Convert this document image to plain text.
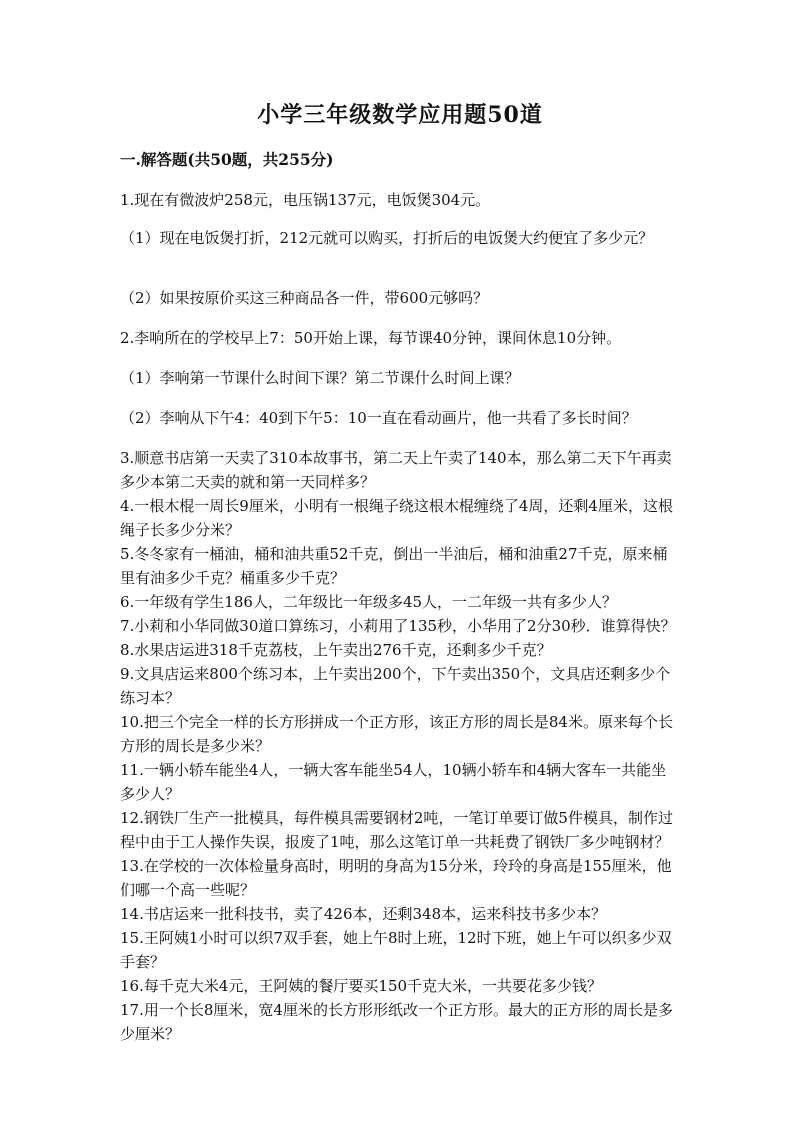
小学三年级数学应用题50道
一.解答题(共50题，共255分)

1.现在有微波炉258元，电压锅137元，电饭煲304元。

（1）现在电饭煲打折，212元就可以购买，打折后的电饭煲大约便宜了多少元？

（2）如果按原价买这三种商品各一件，带600元够吗？

2.李响所在的学校早上7：50开始上课，每节课40分钟，课间休息10分钟。

（1）李响第一节课什么时间下课？第二节课什么时间上课？

（2）李响从下午4：40到下午5：10一直在看动画片，他一共看了多长时间？

3.顺意书店第一天卖了310本故事书，第二天上午卖了140本，那么第二天下午再卖多少本第二天卖的就和第一天同样多？

4.一根木棍一周长9厘米，小明有一根绳子绕这根木棍缠绕了4周，还剩4厘米，这根绳子长多少分米？

5.冬冬家有一桶油，桶和油共重52千克，倒出一半油后，桶和油重27千克，原来桶里有油多少千克？桶重多少千克？

6.一年级有学生186人，二年级比一年级多45人，一二年级一共有多少人？

7.小莉和小华同做30道口算练习，小莉用了135秒，小华用了2分30秒．谁算得快？

8.水果店运进318千克荔枝，上午卖出276千克，还剩多少千克？

9.文具店运来800个练习本，上午卖出200个，下午卖出350个，文具店还剩多少个练习本？

10.把三个完全一样的长方形拼成一个正方形，该正方形的周长是84米。原来每个长方形的周长是多少米？

11.一辆小轿车能坐4人，一辆大客车能坐54人，10辆小轿车和4辆大客车一共能坐多少人？

12.钢铁厂生产一批模具，每件模具需要钢材2吨，一笔订单要订做5件模具，制作过程中由于工人操作失误，报废了1吨，那么这笔订单一共耗费了钢铁厂多少吨钢材？

13.在学校的一次体检量身高时，明明的身高为15分米，玲玲的身高是155厘米，他们哪一个高一些呢？

14.书店运来一批科技书，卖了426本，还剩348本，运来科技书多少本？

15.王阿姨1小时可以织7双手套，她上午8时上班，12时下班，她上午可以织多少双手套？

16.每千克大米4元，王阿姨的餐厅要买150千克大米，一共要花多少钱？

17.用一个长8厘米，宽4厘米的长方形形纸改一个正方形。最大的正方形的周长是多少厘米？
